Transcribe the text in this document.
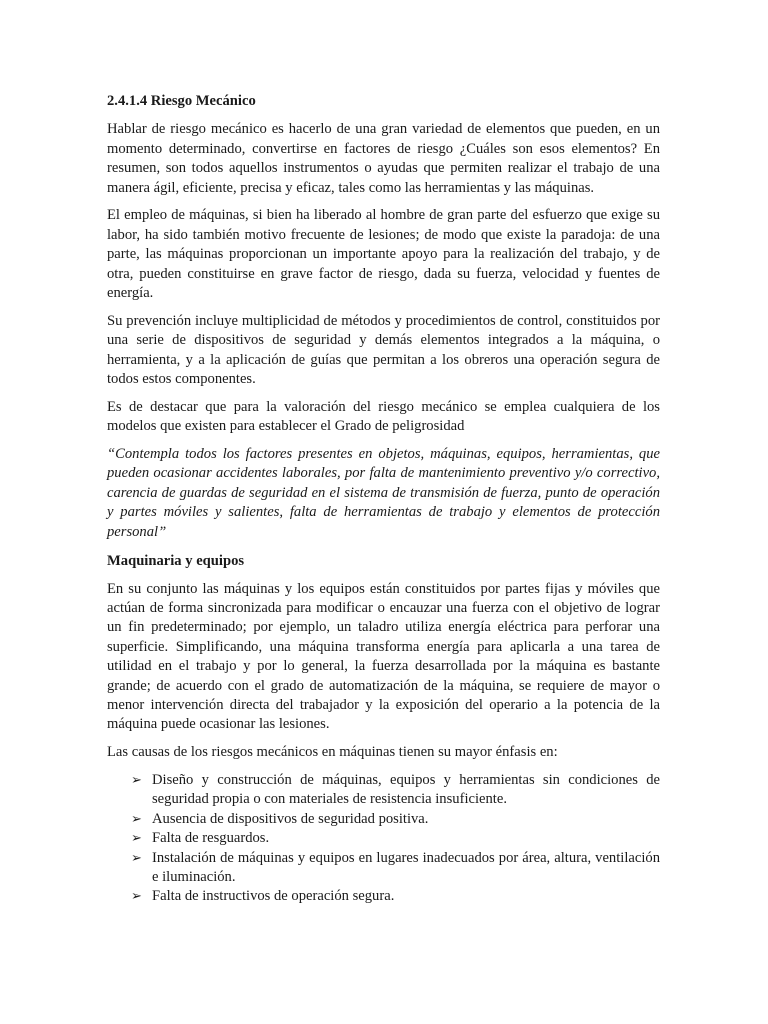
2.4.1.4 Riesgo Mecánico

Hablar de riesgo mecánico es hacerlo de una gran variedad de elementos que pueden, en un momento determinado, convertirse en factores de riesgo ¿Cuáles son esos elementos? En resumen, son todos aquellos instrumentos o ayudas que permiten realizar el trabajo de una manera ágil, eficiente, precisa y eficaz, tales como las herramientas y las máquinas.

El empleo de máquinas, si bien ha liberado al hombre de gran parte del esfuerzo que exige su labor, ha sido también motivo frecuente de lesiones; de modo que existe la paradoja: de una parte, las máquinas proporcionan un importante apoyo para la realización del trabajo, y de otra, pueden constituirse en grave factor de riesgo, dada su fuerza, velocidad y fuentes de energía.

Su prevención incluye multiplicidad de métodos y procedimientos de control, constituidos por una serie de dispositivos de seguridad y demás elementos integrados a la máquina, o herramienta, y a la aplicación de guías que permitan a los obreros una operación segura de todos estos componentes.

Es de destacar que para la valoración del riesgo mecánico se emplea cualquiera de los modelos que existen para establecer el Grado de peligrosidad

“Contempla todos los factores presentes en objetos, máquinas, equipos, herramientas, que pueden ocasionar accidentes laborales, por falta de mantenimiento preventivo y/o correctivo, carencia de guardas de seguridad en el sistema de transmisión de fuerza, punto de operación y partes móviles y salientes, falta de herramientas de trabajo y elementos de protección personal”

Maquinaria y equipos

En su conjunto las máquinas y los equipos están constituidos por partes fijas y móviles que actúan de forma sincronizada para modificar o encauzar una fuerza con el objetivo de lograr un fin predeterminado; por ejemplo, un taladro utiliza energía eléctrica para perforar una superficie. Simplificando, una máquina transforma energía para aplicarla a una tarea de utilidad en el trabajo y por lo general, la fuerza desarrollada por la máquina es bastante grande; de acuerdo con el grado de automatización de la máquina, se requiere de mayor o menor intervención directa del trabajador y la exposición del operario a la potencia de la máquina puede ocasionar las lesiones.

Las causas de los riesgos mecánicos en máquinas tienen su mayor énfasis en:

➢ Diseño y construcción de máquinas, equipos y herramientas sin condiciones de seguridad propia o con materiales de resistencia insuficiente.
➢ Ausencia de dispositivos de seguridad positiva.
➢ Falta de resguardos.
➢ Instalación de máquinas y equipos en lugares inadecuados por área, altura, ventilación e iluminación.
➢ Falta de instructivos de operación segura.
